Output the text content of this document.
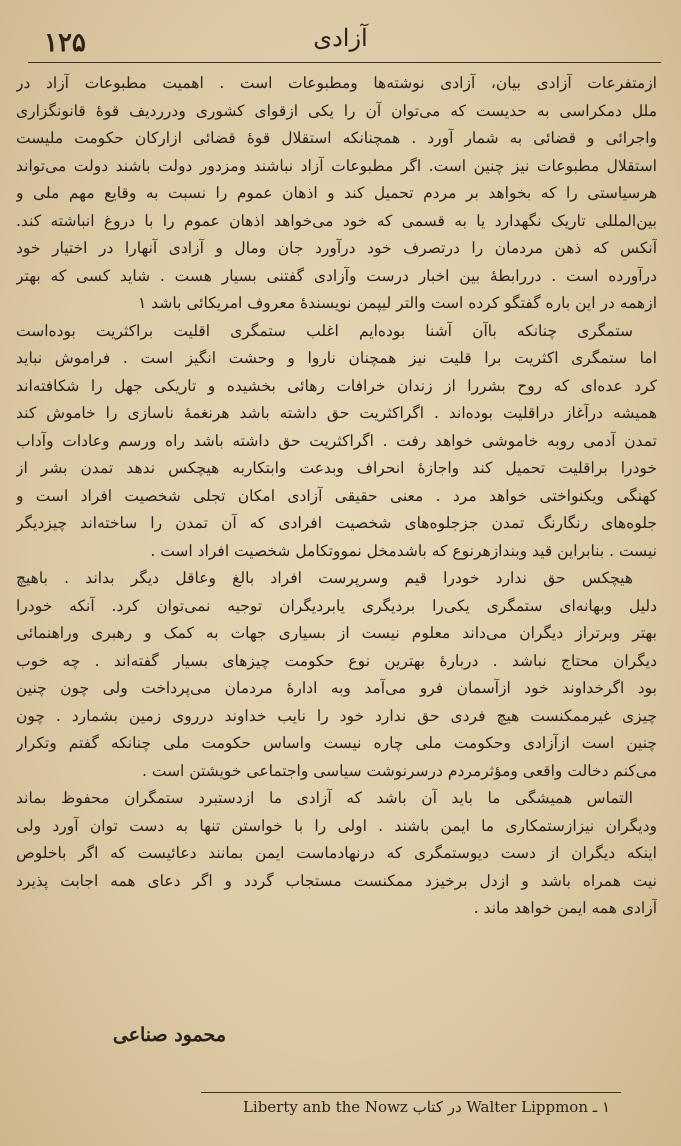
۱۲۵	آزادی
ازمتفرعات آزادی بیان، آزادی نوشته‌ها ومطبوعات است . اهمیت مطبوعات آزاد در
ملل دمکراسی به حدیست که می‌توان آن را یکی ازقوای کشوری ودرردیف قوهٔ قانونگزاری
واجرائی و قضائی به شمار آورد . همچنانکه استقلال قوهٔ قضائی ازارکان حکومت ملیست
استقلال مطبوعات نیز چنین است. اگر مطبوعات آزاد نباشند ومزدور دولت باشند دولت می‌تواند
هرسیاستی را که بخواهد بر مردم تحمیل کند و اذهان عموم را نسبت به وقایع مهم ملی و
بین‌المللی تاریک نگهدارد یا به قسمی که خود می‌خواهد اذهان عموم را با دروغ انباشته کند.
آنکس که ذهن مردمان را درتصرف خود درآورد جان ومال و آزادی آنهارا در اختیار خود
درآورده است . دررابطهٔ بین اخبار درست وآزادی گفتنی بسیار هست . شاید کسی که بهتر
ازهمه در این باره گفتگو کرده است والتر لیپمن نویسندهٔ معروف امریکائی باشد ۱
ستمگری چنانکه باآن آشنا بوده‌ایم اغلب ستمگری اقلیت براکثریت بوده‌است
اما ستمگری اکثریت برا قلیت نیز همچنان ناروا و وحشت انگیز است . فراموش نباید
کرد عده‌ای که روح بشررا از زندان خرافات رهائی بخشیده و تاریکی جهل را شکافته‌اند
همیشه درآغاز دراقلیت بوده‌اند . اگراکثریت حق داشته باشد هرنغمهٔ ناسازی را خاموش کند
تمدن آدمی روبه خاموشی خواهد رفت . اگراکثریت حق داشته باشد راه ورسم وعادات وآداب
خودرا براقلیت تحمیل کند واجازهٔ انحراف وبدعت وابتکاربه هیچکس ندهد تمدن بشر از
کهنگی ویکنواختی خواهد مرد . معنی حقیقی آزادی امکان تجلی شخصیت افراد است و
جلوه‌های رنگارنگ تمدن جزجلوه‌های شخصیت افرادی که آن تمدن را ساخته‌اند چیزدیگر
نیست . بنابراین قید وبندازهرنوع که باشدمخل نمووتکامل شخصیت افراد است .
هیچکس حق ندارد خودرا قیم وسرپرست افراد بالغ وعاقل دیگر بداند . باهیچ
دلیل وبهانه‌ای ستمگری یکی‌را بردیگری یابردیگران توجیه نمی‌توان کرد. آنکه خودرا
بهتر وبرتراز دیگران می‌داند معلوم نیست از بسیاری جهات به کمک و رهبری وراهنمائی
دیگران محتاج نباشد . دربارهٔ بهترین نوع حکومت چیزهای بسیار گفته‌اند . چه خوب
بود اگرخداوند خود ازآسمان فرو می‌آمد وبه ادارهٔ مردمان می‌پرداخت ولی چون چنین
چیزی غیرممکنست هیچ فردی حق ندارد خود را نایب خداوند درروی زمین بشمارد . چون
چنین است ازآزادی وحکومت ملی چاره نیست واساس حکومت ملی چنانکه گفتم وتکرار
می‌کنم دخالت واقعی ومؤثرمردم درسرنوشت سیاسی واجتماعی خویشتن است .
التماس همیشگی ما باید آن باشد که آزادی ما ازدستبرد ستمگران محفوظ بماند
ودیگران نیزازستمکاری ما ایمن باشند . اولی را با خواستن تنها به دست توان آورد ولی
اینکه دیگران از دست دیوستمگری که درنهادماست ایمن بمانند دعائیست که اگر باخلوص
نیت همراه باشد و ازدل برخیزد ممکنست مستجاب گردد و اگر دعای همه اجابت پذیرد
آزادی همه ایمن خواهد ماند .
محمود صناعی
۱ ـ Walter Lippmon در کتاب Liberty anb the Nowz
